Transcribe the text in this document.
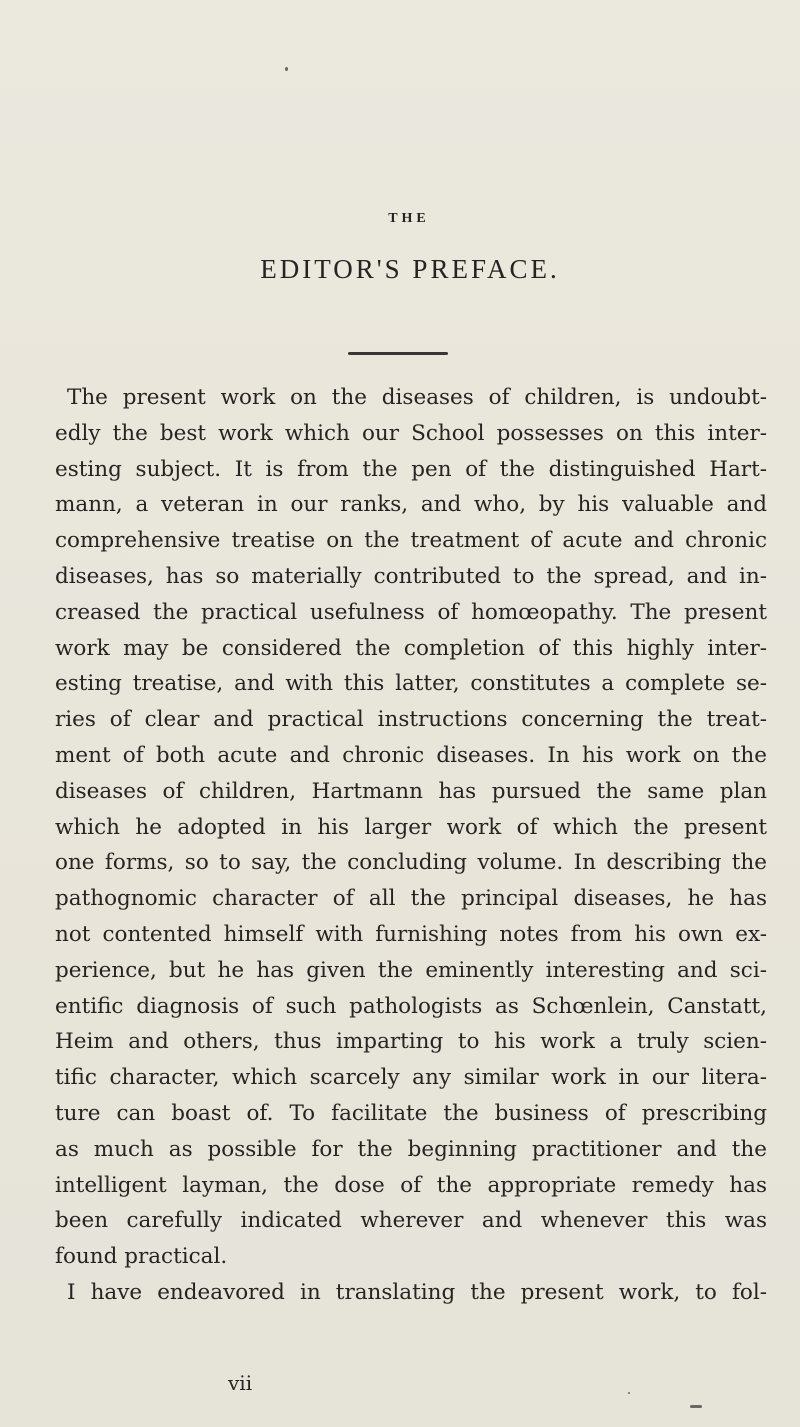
THE
EDITOR'S PREFACE.
The present work on the diseases of children, is undoubt-
edly the best work which our School possesses on this inter-
esting subject. It is from the pen of the distinguished Hart-
mann, a veteran in our ranks, and who, by his valuable and
comprehensive treatise on the treatment of acute and chronic
diseases, has so materially contributed to the spread, and in-
creased the practical usefulness of homœopathy. The present
work may be considered the completion of this highly inter-
esting treatise, and with this latter, constitutes a complete se-
ries of clear and practical instructions concerning the treat-
ment of both acute and chronic diseases. In his work on the
diseases of children, Hartmann has pursued the same plan
which he adopted in his larger work of which the present
one forms, so to say, the concluding volume. In describing the
pathognomic character of all the principal diseases, he has
not contented himself with furnishing notes from his own ex-
perience, but he has given the eminently interesting and sci-
entific diagnosis of such pathologists as Schœnlein, Canstatt,
Heim and others, thus imparting to his work a truly scien-
tific character, which scarcely any similar work in our litera-
ture can boast of. To facilitate the business of prescribing
as much as possible for the beginning practitioner and the
intelligent layman, the dose of the appropriate remedy has
been carefully indicated wherever and whenever this was
found practical.
I have endeavored in translating the present work, to fol-
vii
